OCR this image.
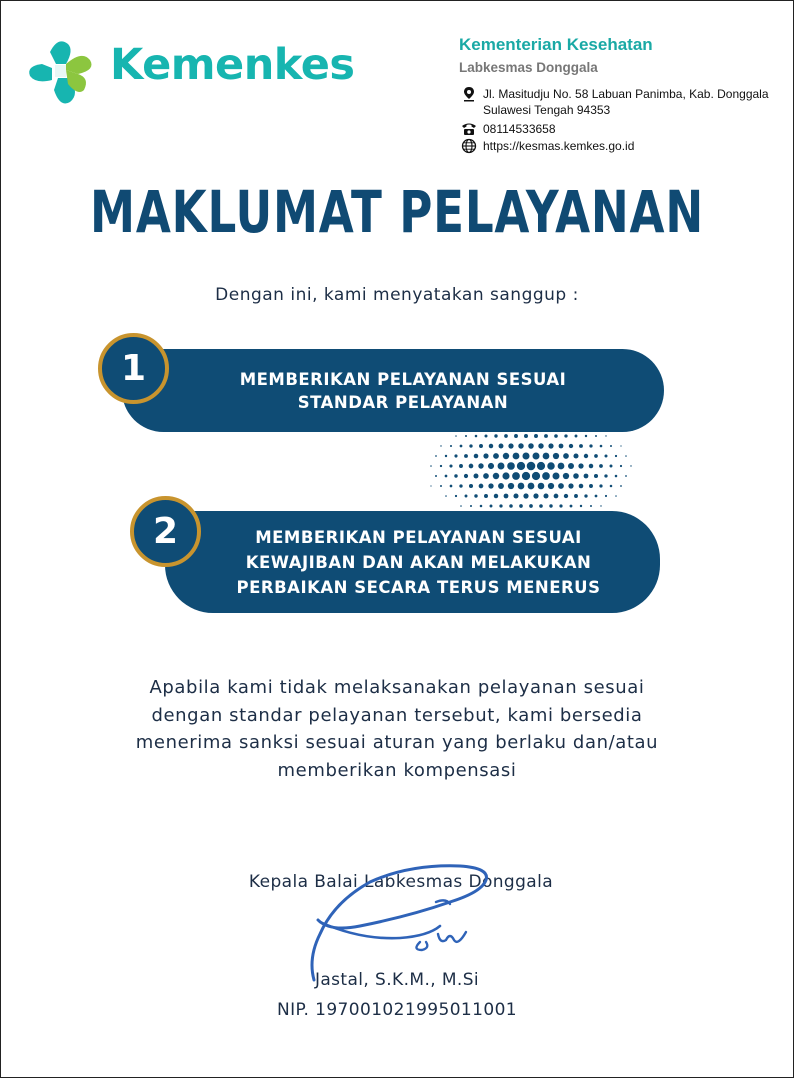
Kemenkes	Kementerian Kesehatan
Labkesmas Donggala
Jl. Masitudju No. 58 Labuan Panimba, Kab. Donggala
Sulawesi Tengah 94353
08114533658
https://kesmas.kemkes.go.id
MAKLUMAT PELAYANAN
Dengan ini, kami menyatakan sanggup :
MEMBERIKAN PELAYANAN SESUAI
STANDAR PELAYANAN
1
MEMBERIKAN PELAYANAN SESUAI
KEWAJIBAN DAN AKAN MELAKUKAN
PERBAIKAN SECARA TERUS MENERUS
2
Apabila kami tidak melaksanakan pelayanan sesuai
dengan standar pelayanan tersebut, kami bersedia
menerima sanksi sesuai aturan yang berlaku dan/atau
memberikan kompensasi
Kepala Balai Labkesmas Donggala
Jastal, S.K.M., M.Si
NIP. 197001021995011001
